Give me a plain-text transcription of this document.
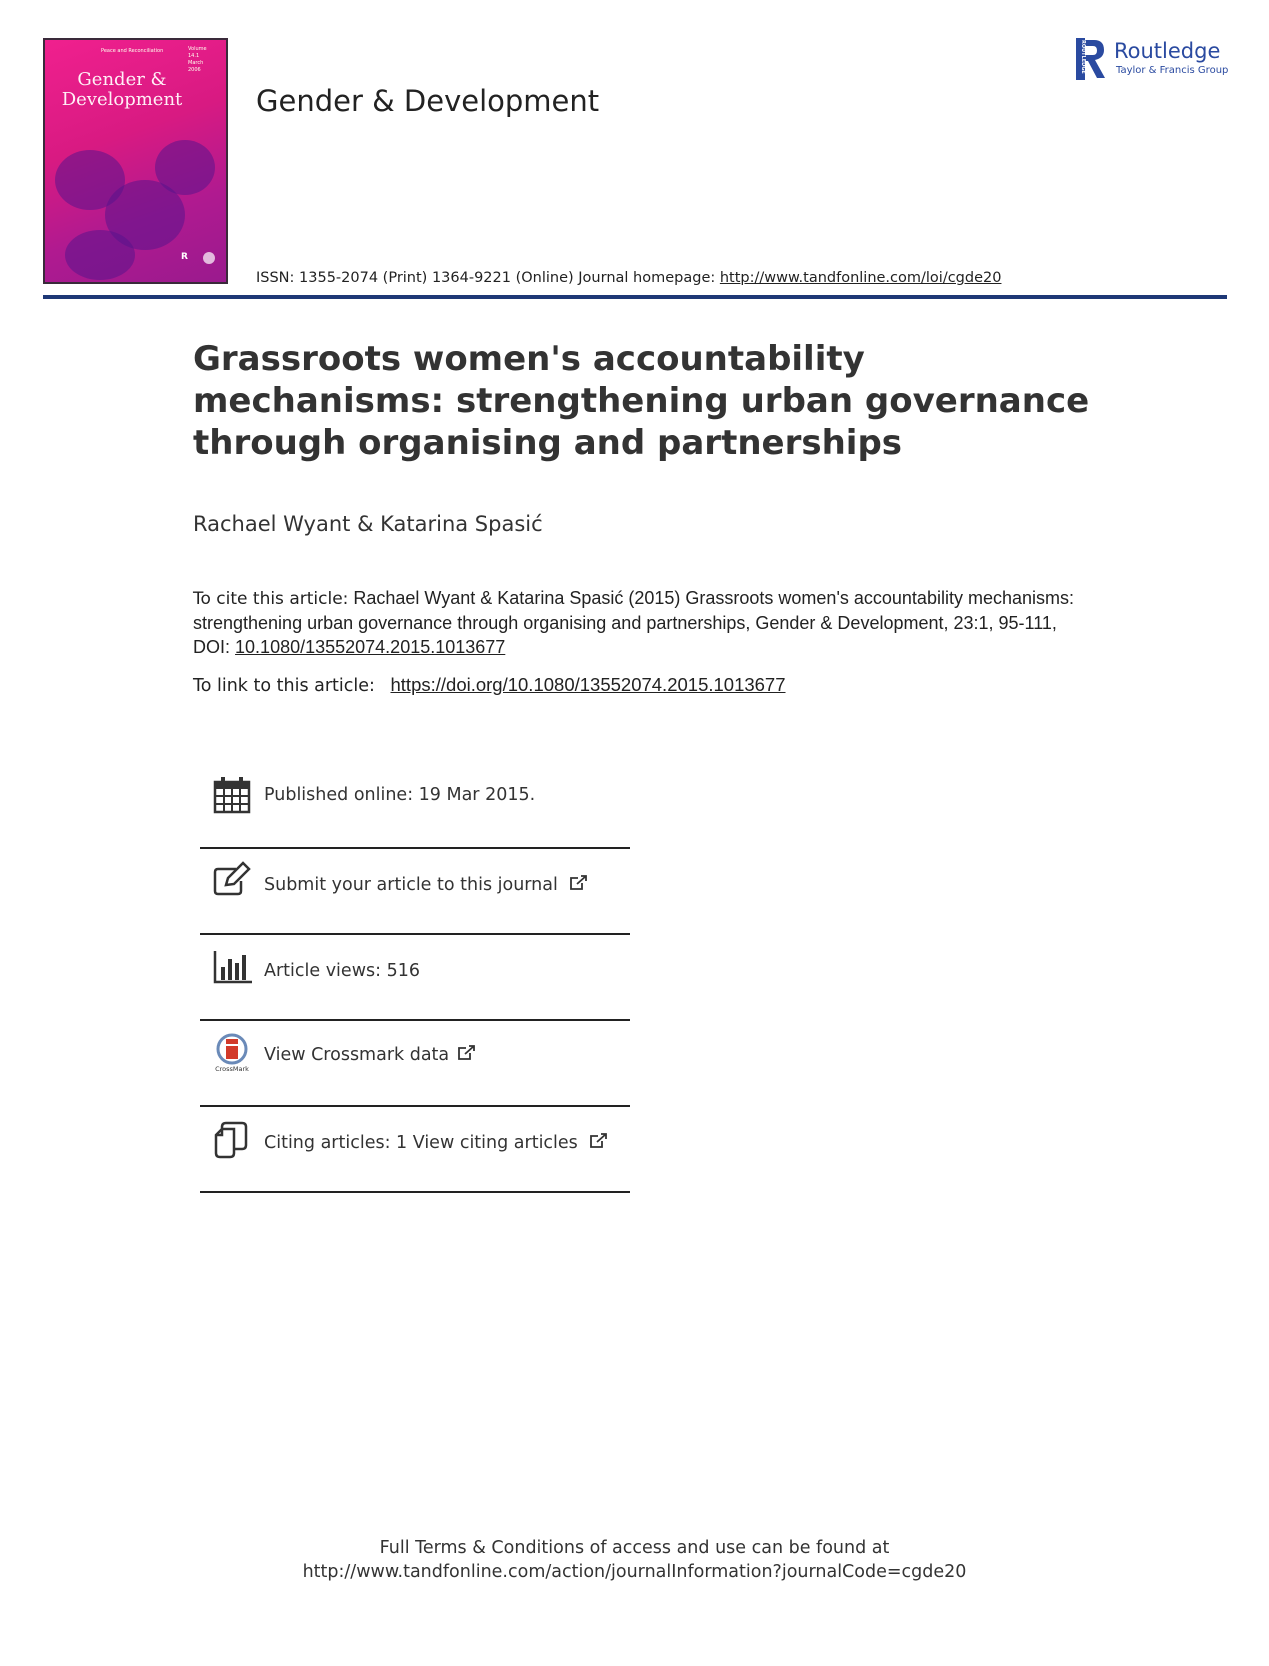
Peace and Reconciliation	Volume 14.1
March 2006
Gender & Development
R
Gender & Development
ROUTLEDGE Routledge
Taylor & Francis Group
ISSN: 1355-2074 (Print) 1364-9221 (Online) Journal homepage: http://www.tandfonline.com/loi/cgde20
Grassroots women's accountability mechanisms: strengthening urban governance through organising and partnerships
Rachael Wyant & Katarina Spasić
To cite this article: Rachael Wyant & Katarina Spasić (2015) Grassroots women's accountability mechanisms: strengthening urban governance through organising and partnerships, Gender & Development, 23:1, 95-111, DOI: 10.1080/13552074.2015.1013677
To link to this article: https://doi.org/10.1080/13552074.2015.1013677
Published online: 19 Mar 2015.
Submit your article to this journal
Article views: 516
CrossMark
View Crossmark data
Citing articles: 1 View citing articles
Full Terms & Conditions of access and use can be found at
http://www.tandfonline.com/action/journalInformation?journalCode=cgde20
